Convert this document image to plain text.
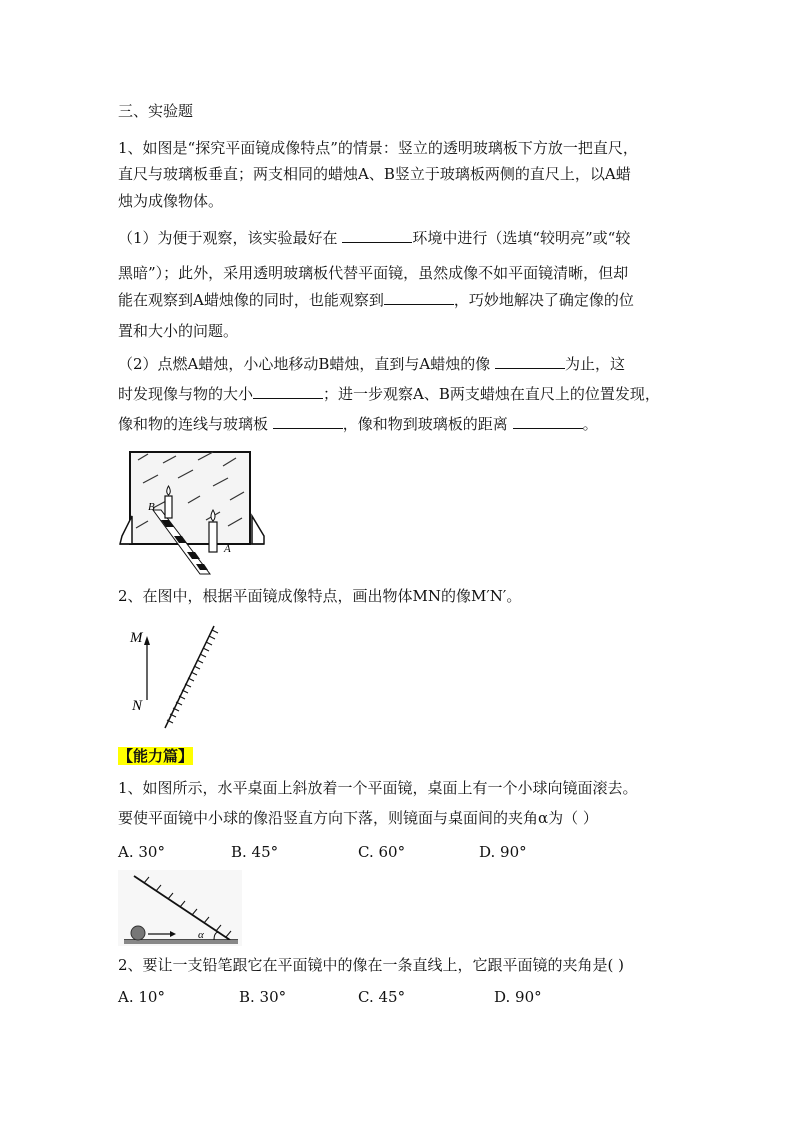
三、实验题
1、如图是“探究平面镜成像特点”的情景：竖立的透明玻璃板下方放一把直尺，
直尺与玻璃板垂直；两支相同的蜡烛A、B竖立于玻璃板两侧的直尺上，以A蜡
烛为成像物体。
（1）为便于观察，该实验最好在	环境中进行（选填“较明亮”或“较
黑暗”）；此外，采用透明玻璃板代替平面镜，虽然成像不如平面镜清晰，但却
能在观察到A蜡烛像的同时，也能观察到	，巧妙地解决了确定像的位
置和大小的问题。
（2）点燃A蜡烛，小心地移动B蜡烛，直到与A蜡烛的像	为止，这
时发现像与物的大小	；进一步观察A、B两支蜡烛在直尺上的位置发现，
像和物的连线与玻璃板	，像和物到玻璃板的距离	。
B
A
2、在图中，根据平面镜成像特点，画出物体MN的像M′N′。
M
N
【能力篇】
1、如图所示，水平桌面上斜放着一个平面镜，桌面上有一个小球向镜面滚去。
要使平面镜中小球的像沿竖直方向下落，则镜面与桌面间的夹角α为（ ）
A. 30°	B. 45°	C. 60°	D. 90°
α
2、要让一支铅笔跟它在平面镜中的像在一条直线上，它跟平面镜的夹角是( )
A. 10°	B. 30°	C. 45°	D. 90°
